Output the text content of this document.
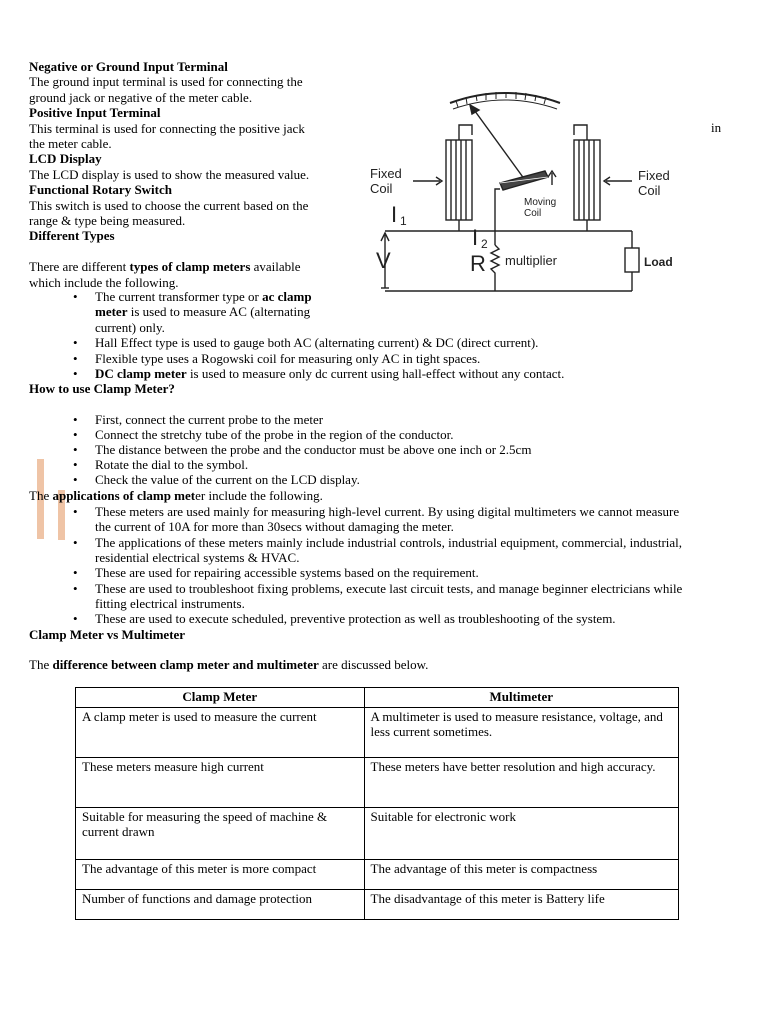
Negative or Ground Input Terminal

The ground input terminal is used for connecting the

ground jack or negative of the meter cable.

Positive Input Terminal

This terminal is used for connecting the positive jack

the meter cable.

LCD Display

The LCD display is used to show the measured value.

Functional Rotary Switch

This switch is used to choose the current based on the

range & type being measured.

Different Types

There are different types of clamp meters available

which include the following.

in
• The current transformer type or ac clamp
meter is used to measure AC (alternating
current) only.
• Hall Effect type is used to gauge both AC (alternating current) & DC (direct current).
• Flexible type uses a Rogowski coil for measuring only AC in tight spaces.
• DC clamp meter is used to measure only dc current using hall-effect without any contact.
How to use Clamp Meter?
• First, connect the current probe to the meter
• Connect the stretchy tube of the probe in the region of the conductor.
• The distance between the probe and the conductor must be above one inch or 2.5cm
• Rotate the dial to the symbol.
• Check the value of the current on the LCD display.
The applications of clamp meter include the following.
• These meters are used mainly for measuring high-level current. By using digital multimeters we cannot measure
the current of 10A for more than 30secs without damaging the meter.
• The applications of these meters mainly include industrial controls, industrial equipment, commercial, industrial,
residential electrical systems & HVAC.
• These are used for repairing accessible systems based on the requirement.
• These are used to troubleshoot fixing problems, execute last circuit tests, and manage beginner electricians while
fitting electrical instruments.
• These are used to execute scheduled, preventive protection as well as troubleshooting of the system.
Clamp Meter vs Multimeter
The difference between clamp meter and multimeter are discussed below.
Clamp Meter	Multimeter
A clamp meter is used to measure the current	A multimeter is used to measure resistance, voltage, and less current sometimes.
These meters measure high current	These meters have better resolution and high accuracy.
Suitable for measuring the speed of machine & current drawn	Suitable for electronic work
The advantage of this meter is more compact	The advantage of this meter is compactness
Number of functions and damage protection	The disadvantage of this meter is Battery life
Fixed
Coil
Fixed
Coil
Moving
Coil
I 1
I 2
V	R multiplier	Load
